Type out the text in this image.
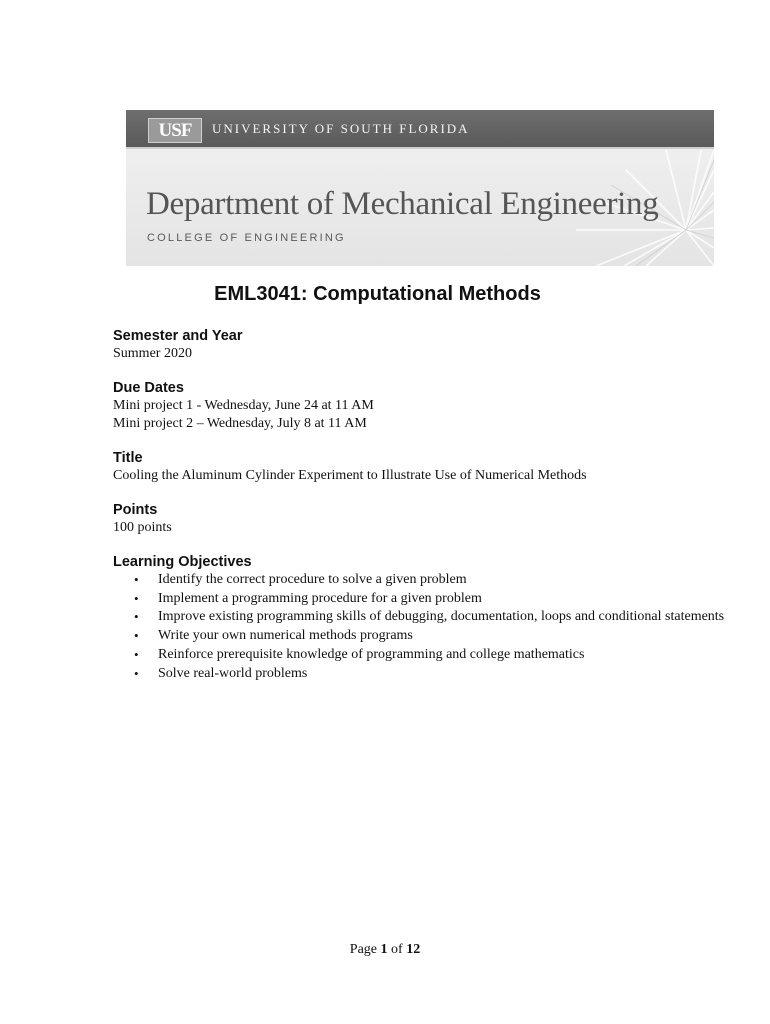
USF	UNIVERSITY OF SOUTH FLORIDA
Department of Mechanical Engineering
COLLEGE OF ENGINEERING
EML3041: Computational Methods

Semester and Year

Summer 2020

Due Dates

Mini project 1 - Wednesday, June 24 at 11 AM

Mini project 2 – Wednesday, July 8 at 11 AM

Title

Cooling the Aluminum Cylinder Experiment to Illustrate Use of Numerical Methods

Points

100 points

Learning Objectives

• Identify the correct procedure to solve a given problem
• Implement a programming procedure for a given problem
• Improve existing programming skills of debugging, documentation, loops and conditional statements
• Write your own numerical methods programs
• Reinforce prerequisite knowledge of programming and college mathematics
• Solve real-world problems
Page 1 of 12
